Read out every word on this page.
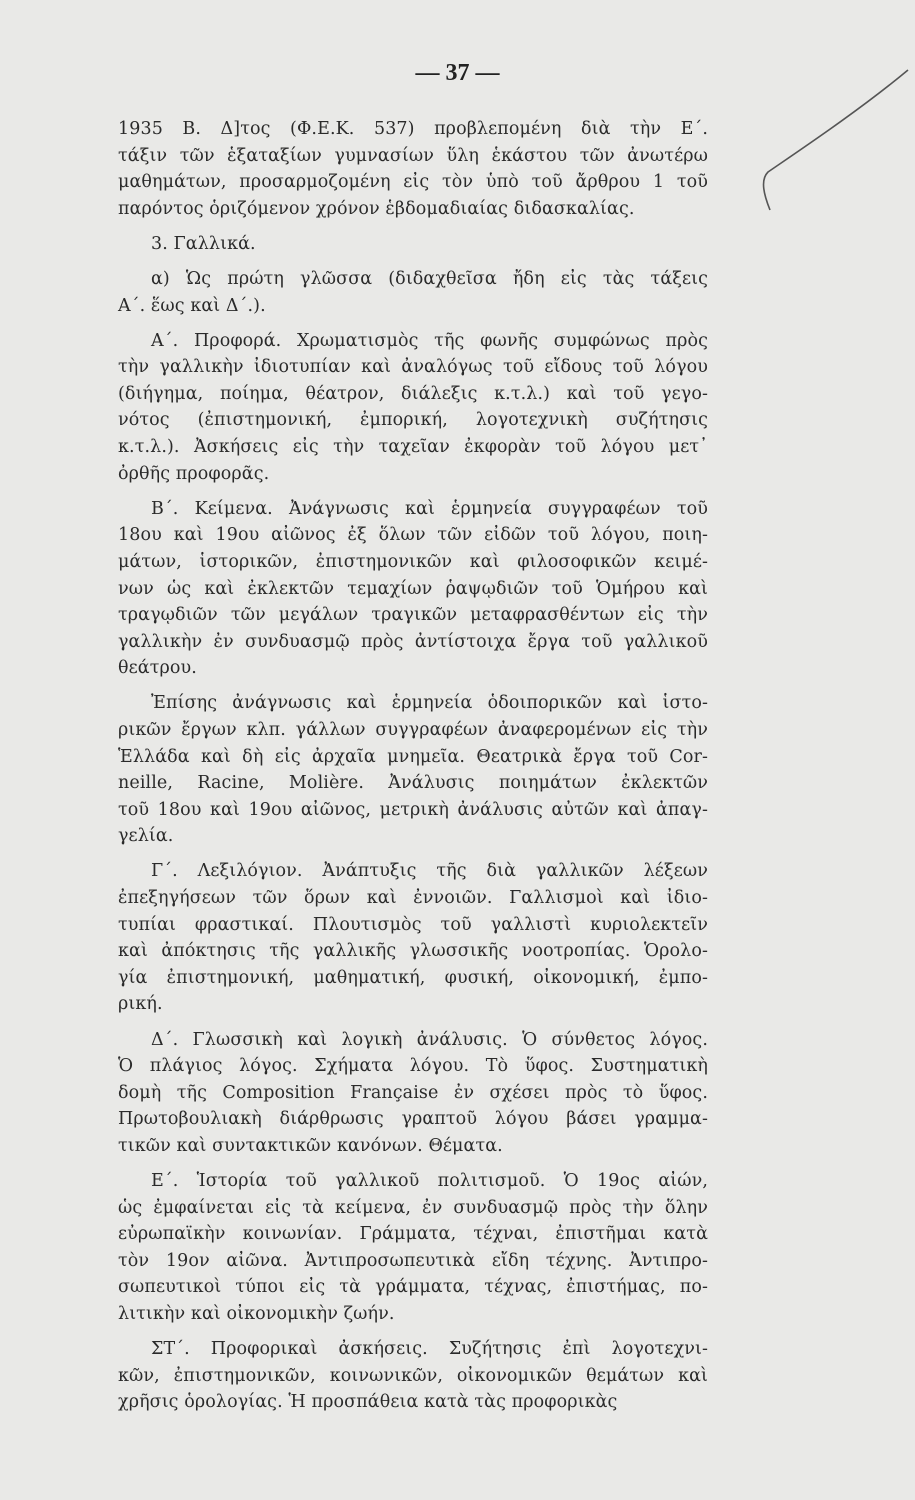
— 37 —
1935 Β. Δ]τος (Φ.Ε.Κ. 537) προβλεπομένη διὰ τὴν Ε΄.
τάξιν τῶν ἑξαταξίων γυμνασίων ὕλη ἑκάστου τῶν ἀνωτέρω
μαθημάτων, προσαρμοζομένη εἰς τὸν ὑπὸ τοῦ ἄρθρου 1 τοῦ
παρόντος ὁριζόμενον χρόνον ἑβδομαδιαίας διδασκαλίας.
3. Γαλλικά.
α) Ὡς πρώτη γλῶσσα (διδαχθεῖσα ἤδη εἰς τὰς τάξεις
Α΄. ἕως καὶ Δ΄.).
Α΄. Προφορά. Χρωματισμὸς τῆς φωνῆς συμφώνως πρὸς
τὴν γαλλικὴν ἰδιοτυπίαν καὶ ἀναλόγως τοῦ εἴδους τοῦ λόγου
(διήγημα, ποίημα, θέατρον, διάλεξις κ.τ.λ.) καὶ τοῦ γεγο-
νότος (ἐπιστημονική, ἐμπορική, λογοτεχνικὴ συζήτησις
κ.τ.λ.). Ἀσκήσεις εἰς τὴν ταχεῖαν ἐκφορὰν τοῦ λόγου μετ᾽
ὀρθῆς προφορᾶς.
Β΄. Κείμενα. Ἀνάγνωσις καὶ ἑρμηνεία συγγραφέων τοῦ
18ου καὶ 19ου αἰῶνος ἐξ ὅλων τῶν εἰδῶν τοῦ λόγου, ποιη-
μάτων, ἱστορικῶν, ἐπιστημονικῶν καὶ φιλοσοφικῶν κειμέ-
νων ὡς καὶ ἐκλεκτῶν τεμαχίων ῥαψῳδιῶν τοῦ Ὁμήρου καὶ
τραγῳδιῶν τῶν μεγάλων τραγικῶν μεταφρασθέντων εἰς τὴν
γαλλικὴν ἐν συνδυασμῷ πρὸς ἀντίστοιχα ἔργα τοῦ γαλλικοῦ
θεάτρου.
Ἐπίσης ἀνάγνωσις καὶ ἑρμηνεία ὁδοιπορικῶν καὶ ἱστο-
ρικῶν ἔργων κλπ. γάλλων συγγραφέων ἀναφερομένων εἰς τὴν
Ἑλλάδα καὶ δὴ εἰς ἀρχαῖα μνημεῖα. Θεατρικὰ ἔργα τοῦ Cor-
neille, Racine, Molière. Ἀνάλυσις ποιημάτων ἐκλεκτῶν
τοῦ 18ου καὶ 19ου αἰῶνος, μετρικὴ ἀνάλυσις αὐτῶν καὶ ἀπαγ-
γελία.
Γ΄. Λεξιλόγιον. Ἀνάπτυξις τῆς διὰ γαλλικῶν λέξεων
ἐπεξηγήσεων τῶν ὅρων καὶ ἐννοιῶν. Γαλλισμοὶ καὶ ἰδιο-
τυπίαι φραστικαί. Πλουτισμὸς τοῦ γαλλιστὶ κυριολεκτεῖν
καὶ ἀπόκτησις τῆς γαλλικῆς γλωσσικῆς νοοτροπίας. Ὁρολο-
γία ἐπιστημονική, μαθηματική, φυσική, οἰκονομική, ἐμπο-
ρική.
Δ΄. Γλωσσικὴ καὶ λογικὴ ἀνάλυσις. Ὁ σύνθετος λόγος.
Ὁ πλάγιος λόγος. Σχήματα λόγου. Τὸ ὕφος. Συστηματικὴ
δομὴ τῆς Composition Française ἐν σχέσει πρὸς τὸ ὕφος.
Πρωτοβουλιακὴ διάρθρωσις γραπτοῦ λόγου βάσει γραμμα-
τικῶν καὶ συντακτικῶν κανόνων. Θέματα.
Ε΄. Ἱστορία τοῦ γαλλικοῦ πολιτισμοῦ. Ὁ 19ος αἰών,
ὡς ἐμφαίνεται εἰς τὰ κείμενα, ἐν συνδυασμῷ πρὸς τὴν ὅλην
εὐρωπαϊκὴν κοινωνίαν. Γράμματα, τέχναι, ἐπιστῆμαι κατὰ
τὸν 19ον αἰῶνα. Ἀντιπροσωπευτικὰ εἴδη τέχνης. Ἀντιπρο-
σωπευτικοὶ τύποι εἰς τὰ γράμματα, τέχνας, ἐπιστήμας, πο-
λιτικὴν καὶ οἰκονομικὴν ζωήν.
ΣΤ΄. Προφορικαὶ ἀσκήσεις. Συζήτησις ἐπὶ λογοτεχνι-
κῶν, ἐπιστημονικῶν, κοινωνικῶν, οἰκονομικῶν θεμάτων καὶ
χρῆσις ὁρολογίας. Ἡ προσπάθεια κατὰ τὰς προφορικὰς
